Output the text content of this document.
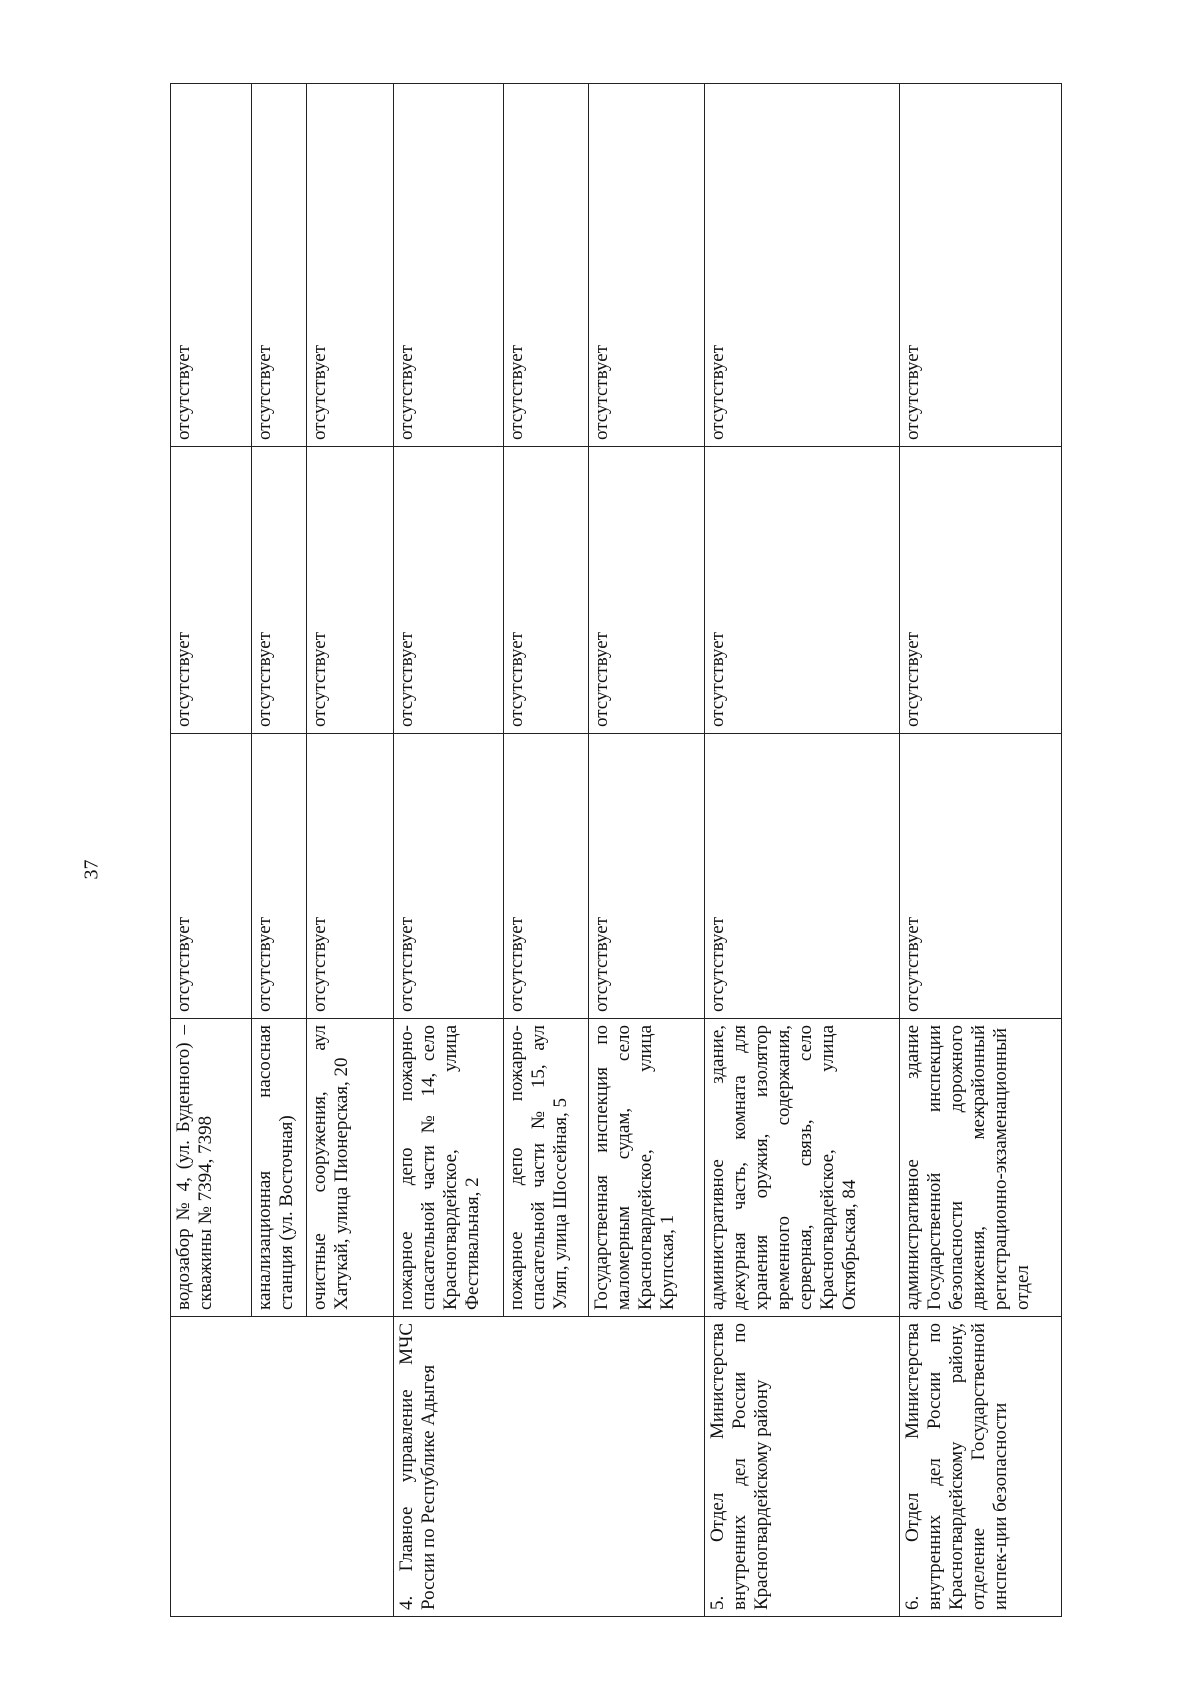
37
	водозабор № 4, (ул. Буденного) – скважины № 7394, 7398	отсутствует	отсутствует	отсутствует
	канализационная насосная станция (ул. Восточная)	отсутствует	отсутствует	отсутствует
	очистные сооружения, аул Хатукай, улица Пионерская, 20	отсутствует	отсутствует	отсутствует
4. Главное управление МЧС России по Республике Адыгея	пожарное депо пожарно-спасательной части № 14, село Красногвардейское, улица Фестивальная, 2	отсутствует	отсутствует	отсутствует
	пожарное депо пожарно-спасательной части № 15, аул Уляп, улица Шоссейная, 5	отсутствует	отсутствует	отсутствует
	Государственная инспекция по маломерным судам, село Красногвардейское, улица Крупская, 1	отсутствует	отсутствует	отсутствует
5. Отдел Министерства внутренних дел России по Красногвардейскому району	административное здание, дежурная часть, комната для хранения оружия, изолятор временного содержания, серверная, связь, село Красногвардейское, улица Октябрьская, 84	отсутствует	отсутствует	отсутствует
6. Отдел Министерства внутренних дел России по Красногвардейскому району, отделение Государственной инспек-ции безопасности	административное здание Государственной инспекции безопасности дорожного движения, межрайонный регистрационно-экзаменационный отдел	отсутствует	отсутствует	отсутствует
